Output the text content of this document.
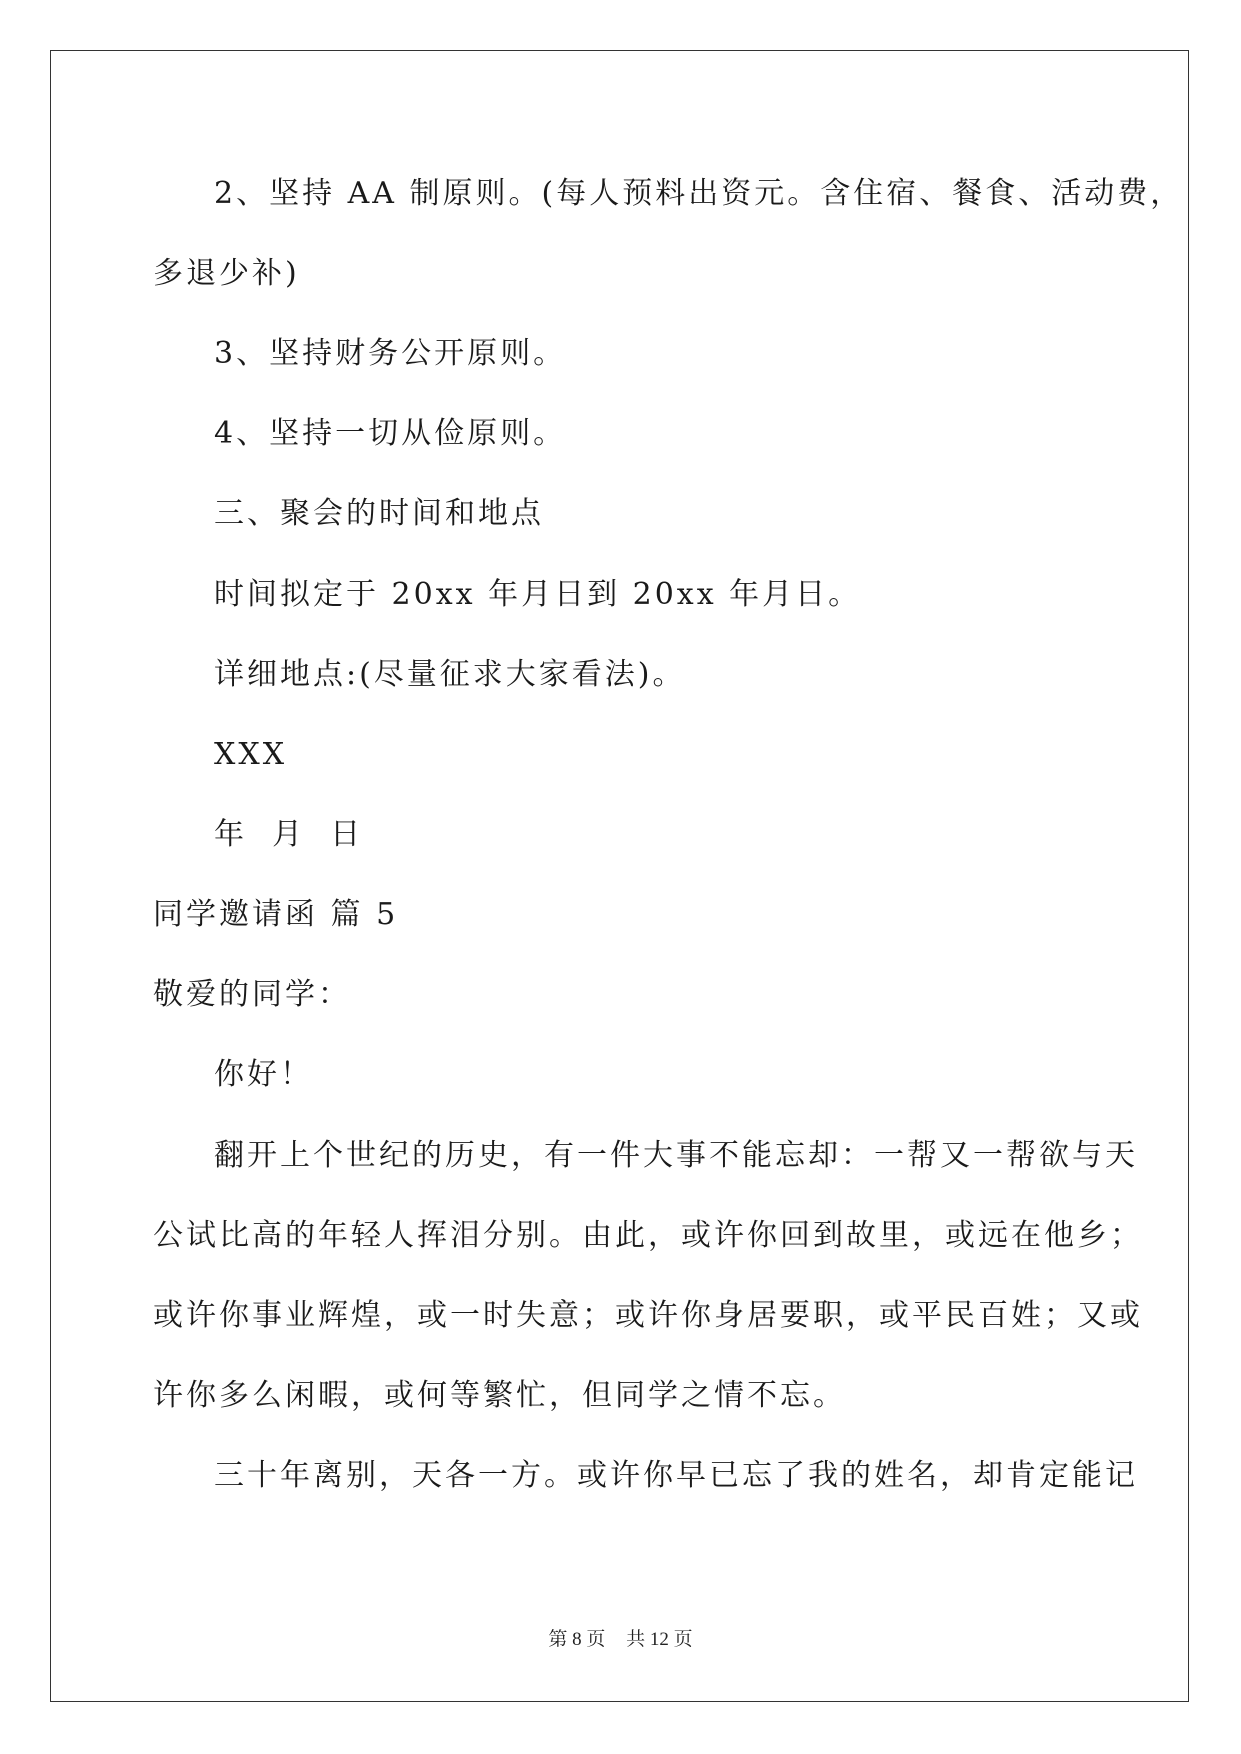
2、坚持 AA 制原则。(每人预料出资元。含住宿、餐食、活动费，
多退少补)
3、坚持财务公开原则。
4、坚持一切从俭原则。
三、聚会的时间和地点
时间拟定于 20xx 年月日到 20xx 年月日。
详细地点:(尽量征求大家看法)。
XXX
年  月  日
同学邀请函 篇 5
敬爱的同学：
你好！
翻开上个世纪的历史，有一件大事不能忘却：一帮又一帮欲与天
公试比高的年轻人挥泪分别。由此，或许你回到故里，或远在他乡；
或许你事业辉煌，或一时失意；或许你身居要职，或平民百姓；又或
许你多么闲暇，或何等繁忙，但同学之情不忘。
三十年离别，天各一方。或许你早已忘了我的姓名，却肯定能记
第 8 页 共 12 页
